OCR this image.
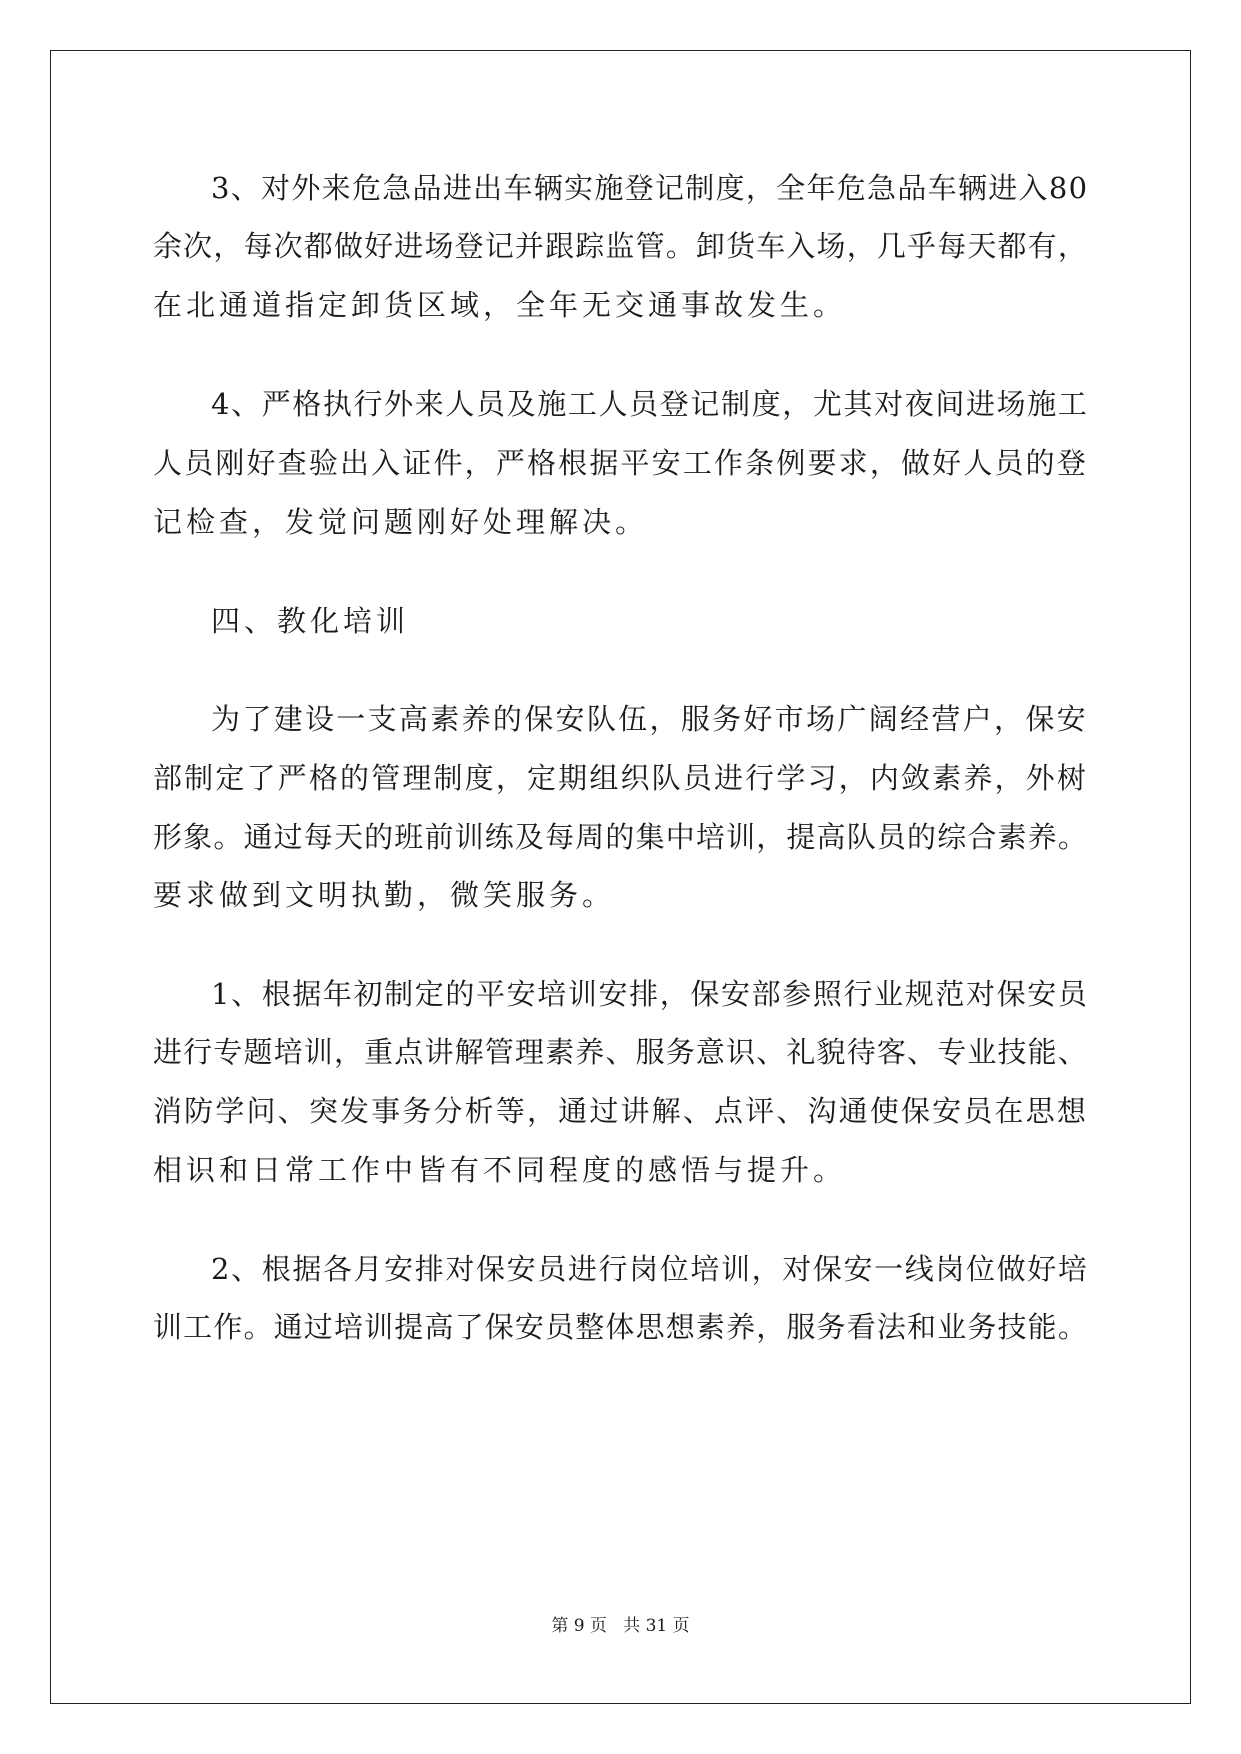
3、对外来危急品进出车辆实施登记制度，全年危急品车辆进入80

余次，每次都做好进场登记并跟踪监管。卸货车入场，几乎每天都有，

在北通道指定卸货区域，全年无交通事故发生。

4、严格执行外来人员及施工人员登记制度，尤其对夜间进场施工

人员刚好查验出入证件，严格根据平安工作条例要求，做好人员的登

记检查，发觉问题刚好处理解决。

四、教化培训

为了建设一支高素养的保安队伍，服务好市场广阔经营户，保安

部制定了严格的管理制度，定期组织队员进行学习，内敛素养，外树

形象。通过每天的班前训练及每周的集中培训，提高队员的综合素养。

要求做到文明执勤，微笑服务。

1、根据年初制定的平安培训安排，保安部参照行业规范对保安员

进行专题培训，重点讲解管理素养、服务意识、礼貌待客、专业技能、

消防学问、突发事务分析等，通过讲解、点评、沟通使保安员在思想

相识和日常工作中皆有不同程度的感悟与提升。

2、根据各月安排对保安员进行岗位培训，对保安一线岗位做好培

训工作。通过培训提高了保安员整体思想素养，服务看法和业务技能。

第 9 页   共 31 页
